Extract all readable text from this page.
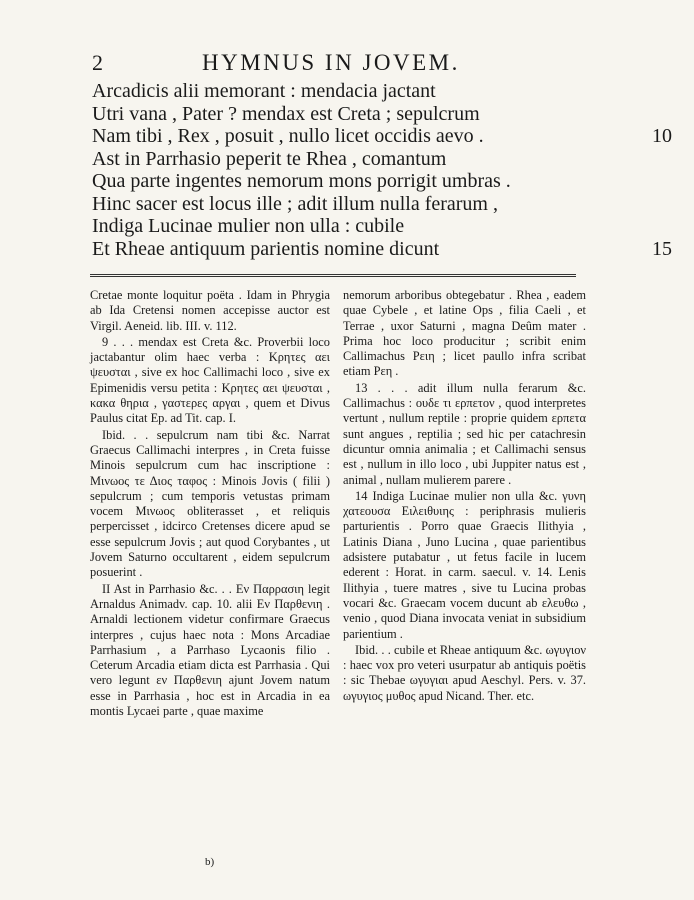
2	HYMNUS IN JOVEM.
Arcadicis alii memorant : mendacia jactant
Utri vana , Pater ? mendax est Creta ; sepulcrum
Nam tibi , Rex , posuit , nullo licet occidis aevo .	10
Ast in Parrhasio peperit te Rhea , comantum
Qua parte ingentes nemorum mons porrigit umbras .
Hinc sacer est locus ille ; adit illum nulla ferarum ,
Indiga Lucinae mulier non ulla : cubile
Et Rheae antiquum parientis nomine dicunt	15

Cretae monte loquitur poëta . Idam in Phrygia ab Ida Cretensi nomen accepisse auctor est Virgil. Aeneid. lib. III. v. 112.

9 . . . mendax est Creta &c. Proverbii loco jactabantur olim haec verba : Κρητες αει ψευσται , sive ex hoc Callimachi loco , sive ex Epimenidis versu petita : Κρητες αει ψευσται , κακα θηρια , γαστερες αργαι , quem et Divus Paulus citat Ep. ad Tit. cap. I.

Ibid. . . sepulcrum nam tibi &c. Narrat Graecus Callimachi interpres , in Creta fuisse Minois sepulcrum cum hac inscriptione : Μινωος τε Διος ταφος : Minois Jovis ( filii ) sepulcrum ; cum temporis vetustas primam vocem Μινωος obliterasset , et reliquis perpercisset , idcirco Cretenses dicere apud se esse sepulcrum Jovis ; aut quod Corybantes , ut Jovem Saturno occultarent , eidem sepulcrum posuerint .

II Ast in Parrhasio &c. . . Εν Παρρασιη legit Arnaldus Animadv. cap. 10. alii Εν Παρθενιη . Arnaldi lectionem videtur confirmare Graecus interpres , cujus haec nota : Mons Arcadiae Parrhasium , a Parrhaso Lycaonis filio . Ceterum Arcadia etiam dicta est Parrhasia . Qui vero legunt εν Παρθενιη ajunt Jovem natum esse in Parrhasia , hoc est in Arcadia in ea montis Lycaei parte , quae maxime

nemorum arboribus obtegebatur . Rhea , eadem quae Cybele , et latine Ops , filia Caeli , et Terrae , uxor Saturni , magna Deûm mater . Prima hoc loco producitur ; scribit enim Callimachus Ρειη ; licet paullo infra scribat etiam Ρεη .

13 . . . adit illum nulla ferarum &c. Callimachus : ουδε τι ερπετον , quod interpretes vertunt , nullum reptile : proprie quidem ερπετα sunt angues , reptilia ; sed hic per catachresin dicuntur omnia animalia ; et Callimachi sensus est , nullum in illo loco , ubi Juppiter natus est , animal , nullam mulierem parere .

14 Indiga Lucinae mulier non ulla &c. γυνη χατεουσα Ειλειθυιης : periphrasis mulieris parturientis . Porro quae Graecis Ilithyia , Latinis Diana , Juno Lucina , quae parientibus adsistere putabatur , ut fetus facile in lucem ederent : Horat. in carm. saecul. v. 14. Lenis Ilithyia , tuere matres , sive tu Lucina probas vocari &c. Graecam vocem ducunt ab ελευθω , venio , quod Diana invocata veniat in subsidium parientium .

Ibid. . . cubile et Rheae antiquum &c. ωγυγιον : haec vox pro veteri usurpatur ab antiquis poëtis : sic Thebae ωγυγιαι apud Aeschyl. Pers. v. 37. ωγυγιος μυθος apud Nicand. Ther. etc.

b)
